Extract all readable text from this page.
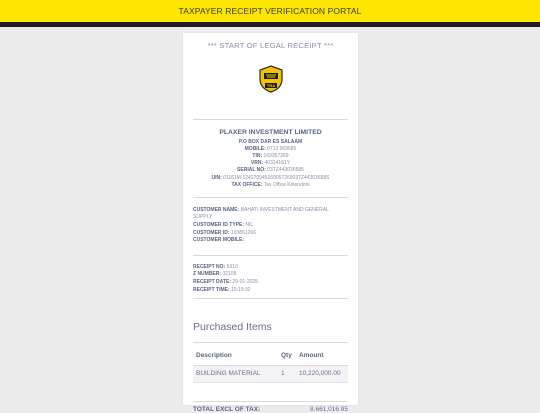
TAXPAYER RECEIPT VERIFICATION PORTAL
*** START OF LEGAL RECEIPT ***
TRA
PLAXER INVESTMENT LIMITED
P.O BOX DAR ES SALAAM
MOBILE: 0713 969685
TIN: 169357269
VRN: 40314161Y
SERIAL NO: 03TZ443036585
UIN: 01161M-124270945169057269037Z44303658S
TAX OFFICE: Tax Office Kinondoni
CUSTOMER NAME: BAHATI INVESTMENT AND GENERAL SUPPLY
CUSTOMER ID TYPE: NIL
CUSTOMER ID: 103861266
CUSTOMER MOBILE:
RECEIPT NO: 5310
Z NUMBER: 32108
RECEIPT DATE: 29-01-2025
RECEIPT TIME: 15:19:32
Purchased Items
Description	Qty	Amount
BUILDING MATERIAL	1	10,220,000.00
TOTAL EXCL OF TAX:	8,661,016.95
